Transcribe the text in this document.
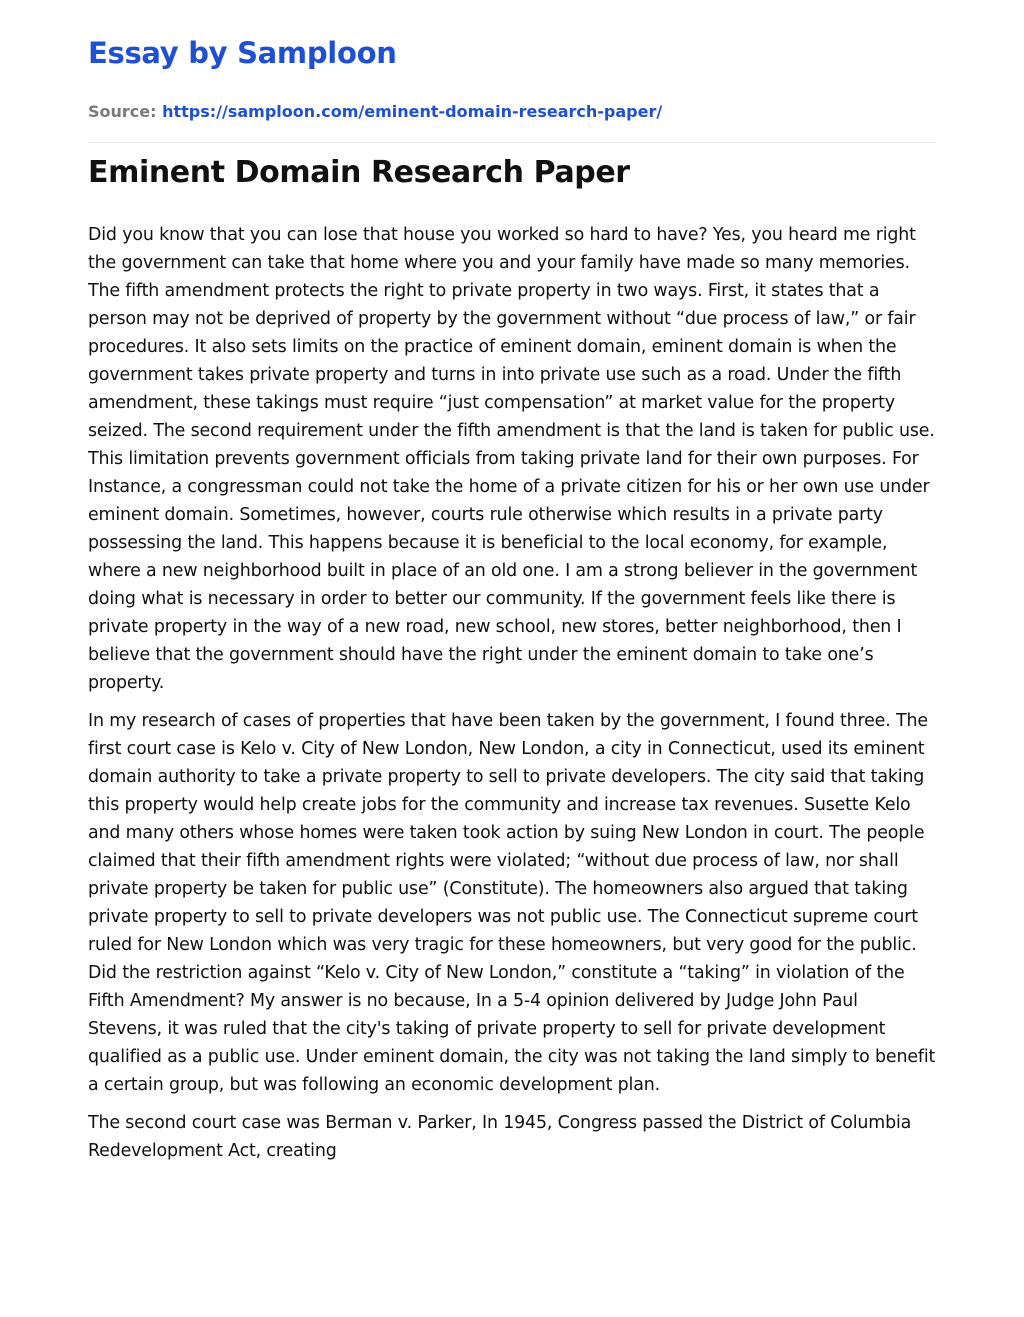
Essay by Samploon
Source: https://samploon.com/eminent-domain-research-paper/
Eminent Domain Research Paper

Did you know that you can lose that house you worked so hard to have? Yes, you heard me right the government can take that home where you and your family have made so many memories. The fifth amendment protects the right to private property in two ways. First, it states that a person may not be deprived of property by the government without “due process of law,” or fair procedures. It also sets limits on the practice of eminent domain, eminent domain is when the government takes private property and turns in into private use such as a road. Under the fifth amendment, these takings must require “just compensation” at market value for the property seized. The second requirement under the fifth amendment is that the land is taken for public use. This limitation prevents government officials from taking private land for their own purposes. For Instance, a congressman could not take the home of a private citizen for his or her own use under eminent domain. Sometimes, however, courts rule otherwise which results in a private party possessing the land. This happens because it is beneficial to the local economy, for example, where a new neighborhood built in place of an old one. I am a strong believer in the government doing what is necessary in order to better our community. If the government feels like there is private property in the way of a new road, new school, new stores, better neighborhood, then I believe that the government should have the right under the eminent domain to take one’s property.

In my research of cases of properties that have been taken by the government, I found three. The first court case is Kelo v. City of New London, New London, a city in Connecticut, used its eminent domain authority to take a private property to sell to private developers. The city said that taking this property would help create jobs for the community and increase tax revenues. Susette Kelo and many others whose homes were taken took action by suing New London in court. The people claimed that their fifth amendment rights were violated; “without due process of law, nor shall private property be taken for public use” (Constitute). The homeowners also argued that taking private property to sell to private developers was not public use. The Connecticut supreme court ruled for New London which was very tragic for these homeowners, but very good for the public. Did the restriction against “Kelo v. City of New London,” constitute a “taking” in violation of the Fifth Amendment? My answer is no because, In a 5-4 opinion delivered by Judge John Paul Stevens, it was ruled that the city's taking of private property to sell for private development qualified as a public use. Under eminent domain, the city was not taking the land simply to benefit a certain group, but was following an economic development plan.

The second court case was Berman v. Parker, In 1945, Congress passed the District of Columbia Redevelopment Act, creating
